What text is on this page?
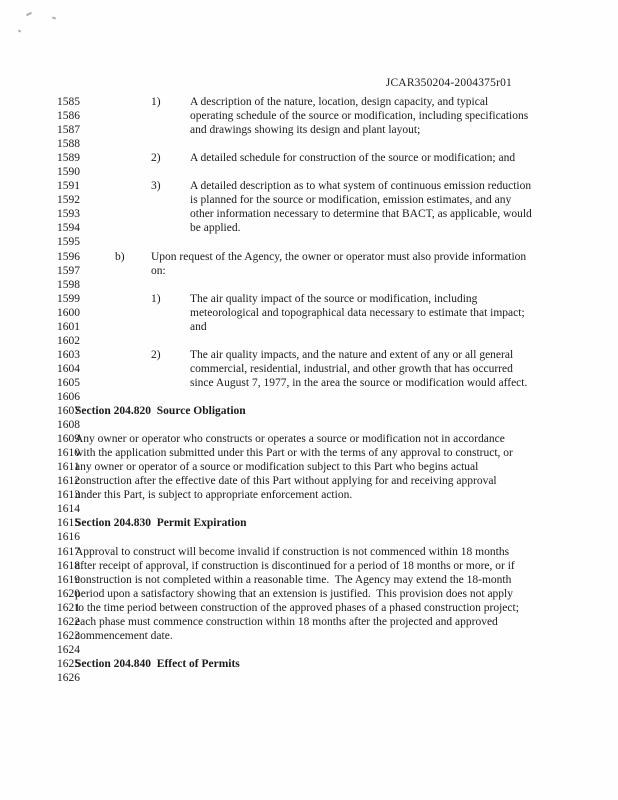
JCAR350204-2004375r01
1585	1)	A description of the nature, location, design capacity, and typical
1586	operating schedule of the source or modification, including specifications
1587	and drawings showing its design and plant layout;
1588
1589	2)	A detailed schedule for construction of the source or modification; and
1590
1591	3)	A detailed description as to what system of continuous emission reduction
1592	is planned for the source or modification, emission estimates, and any
1593	other information necessary to determine that BACT, as applicable, would
1594	be applied.
1595
1596	b) Upon request of the Agency, the owner or operator must also provide information
1597	on:
1598
1599	1)	The air quality impact of the source or modification, including
1600	meteorological and topographical data necessary to estimate that impact;
1601	and
1602
1603	2)	The air quality impacts, and the nature and extent of any or all general
1604	commercial, residential, industrial, and other growth that has occurred
1605	since August 7, 1977, in the area the source or modification would affect.
1606
1607
Section 204.820  Source Obligation
1608
1609
Any owner or operator who constructs or operates a source or modification not in accordance
1610
with the application submitted under this Part or with the terms of any approval to construct, or
1611
any owner or operator of a source or modification subject to this Part who begins actual
1612
construction after the effective date of this Part without applying for and receiving approval
1613
under this Part, is subject to appropriate enforcement action.
1614
1615
Section 204.830  Permit Expiration
1616
1617
Approval to construct will become invalid if construction is not commenced within 18 months
1618
after receipt of approval, if construction is discontinued for a period of 18 months or more, or if
1619
construction is not completed within a reasonable time.  The Agency may extend the 18-month
1620
period upon a satisfactory showing that an extension is justified.  This provision does not apply
1621
to the time period between construction of the approved phases of a phased construction project;
1622
each phase must commence construction within 18 months after the projected and approved
1623
commencement date.
1624
1625
Section 204.840  Effect of Permits
1626
